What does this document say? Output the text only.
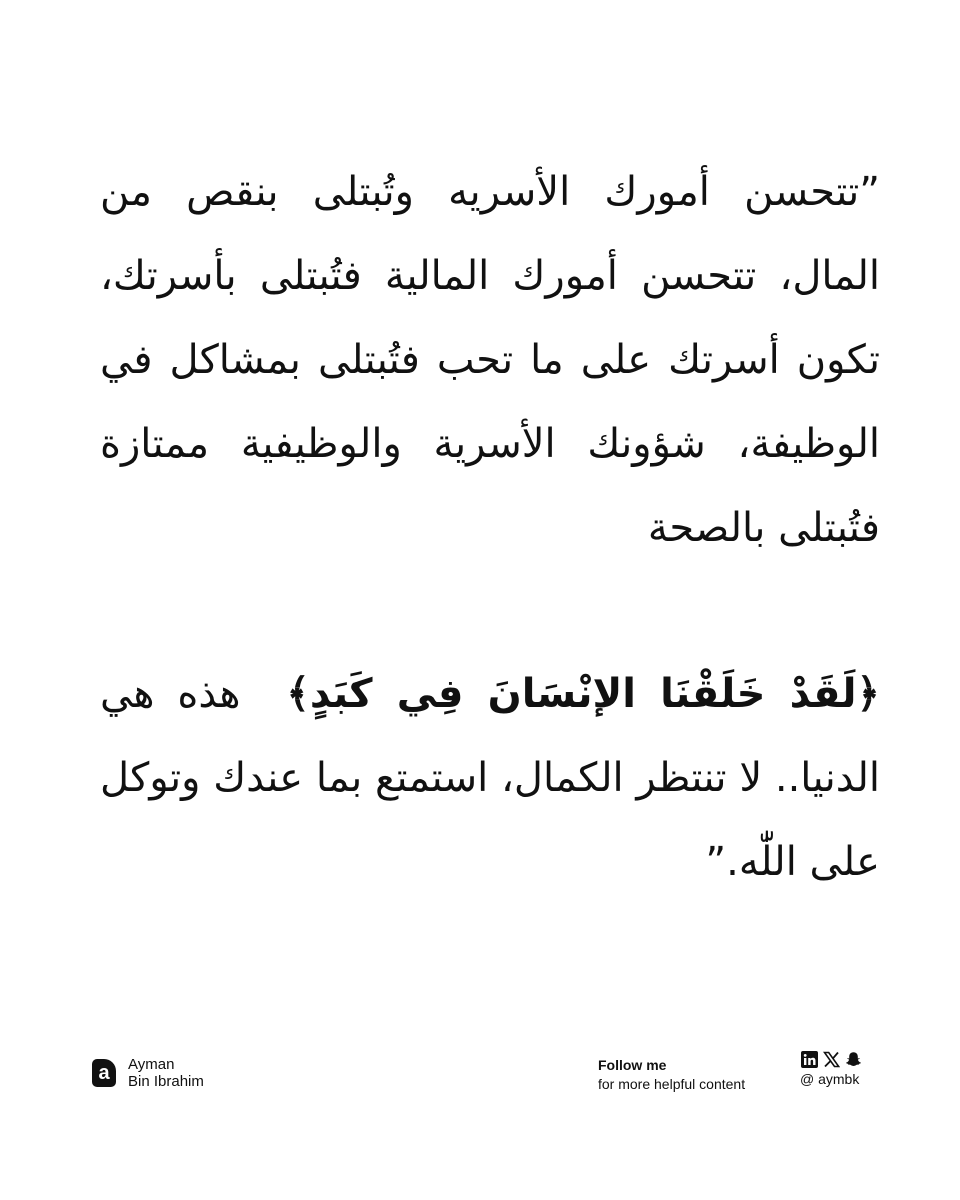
”تتحسن أمورك الأسريه وتُبتلى بنقص من المال، تتحسن أمورك المالية فتُبتلى بأسرتك، تكون أسرتك على ما تحب فتُبتلى بمشاكل في الوظيفة، شؤونك الأسرية والوظيفية ممتازة فتُبتلى بالصحة

﴿لَقَدْ خَلَقْنَا الإنْسَانَ فِي كَبَدٍ﴾  هذه هي الدنيا.. لا تنتظر الكمال، استمتع بما عندك وتوكل على اللّٰه.”

a	Ayman
Bin Ibrahim
Follow me
for more helpful content	@ aymbk
